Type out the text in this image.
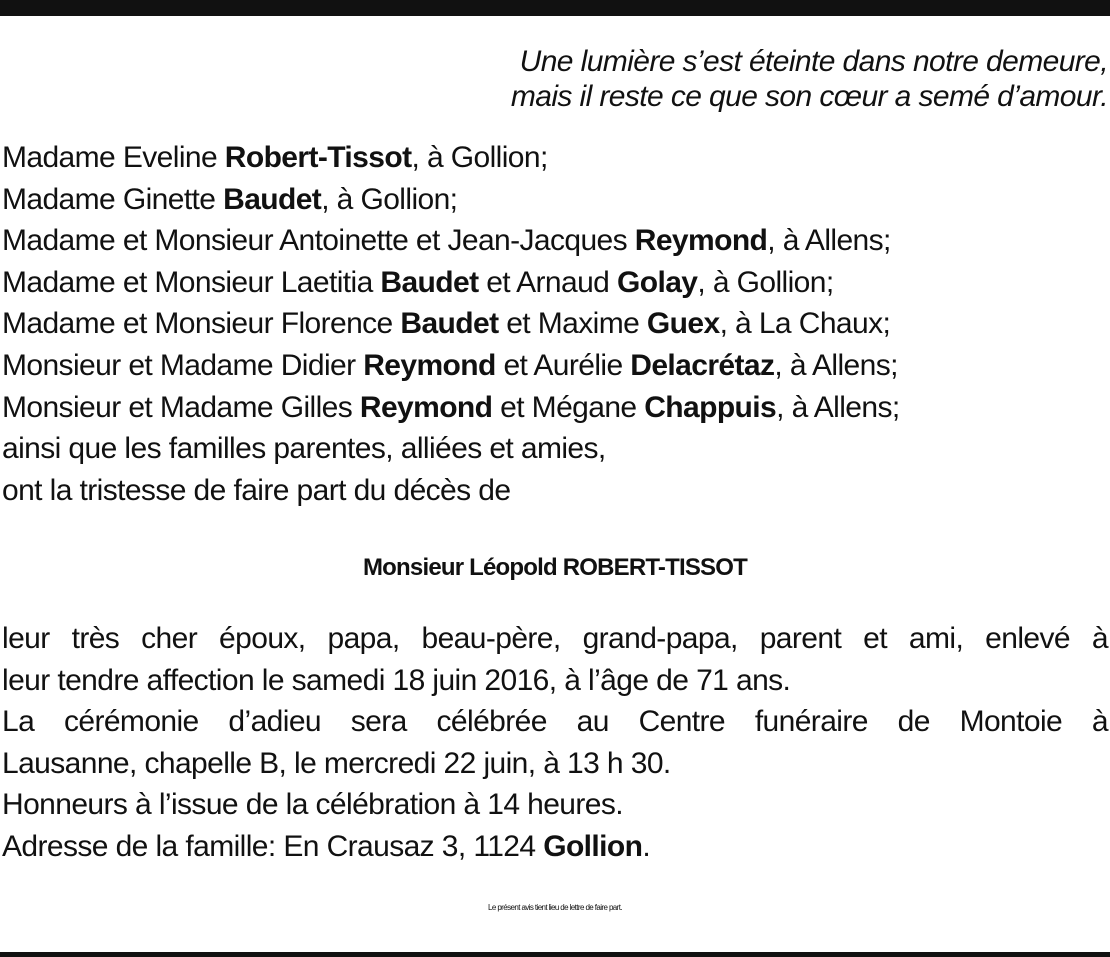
Une lumière s’est éteinte dans notre demeure,
mais il reste ce que son cœur a semé d’amour.
Madame Eveline Robert-Tissot, à Gollion;
Madame Ginette Baudet, à Gollion;
Madame et Monsieur Antoinette et Jean-Jacques Reymond, à Allens;
Madame et Monsieur Laetitia Baudet et Arnaud Golay, à Gollion;
Madame et Monsieur Florence Baudet et Maxime Guex, à La Chaux;
Monsieur et Madame Didier Reymond et Aurélie Delacrétaz, à Allens;
Monsieur et Madame Gilles Reymond et Mégane Chappuis, à Allens;
ainsi que les familles parentes, alliées et amies,
ont la tristesse de faire part du décès de
Monsieur Léopold ROBERT-TISSOT
leur très cher époux, papa, beau-père, grand-papa, parent et ami, enlevé à
leur tendre affection le samedi 18 juin 2016, à l’âge de 71 ans.
La cérémonie d’adieu sera célébrée au Centre funéraire de Montoie à
Lausanne, chapelle B, le mercredi 22 juin, à 13 h 30.
Honneurs à l’issue de la célébration à 14 heures.
Adresse de la famille: En Crausaz 3, 1124 Gollion.
Le présent avis tient lieu de lettre de faire part.
